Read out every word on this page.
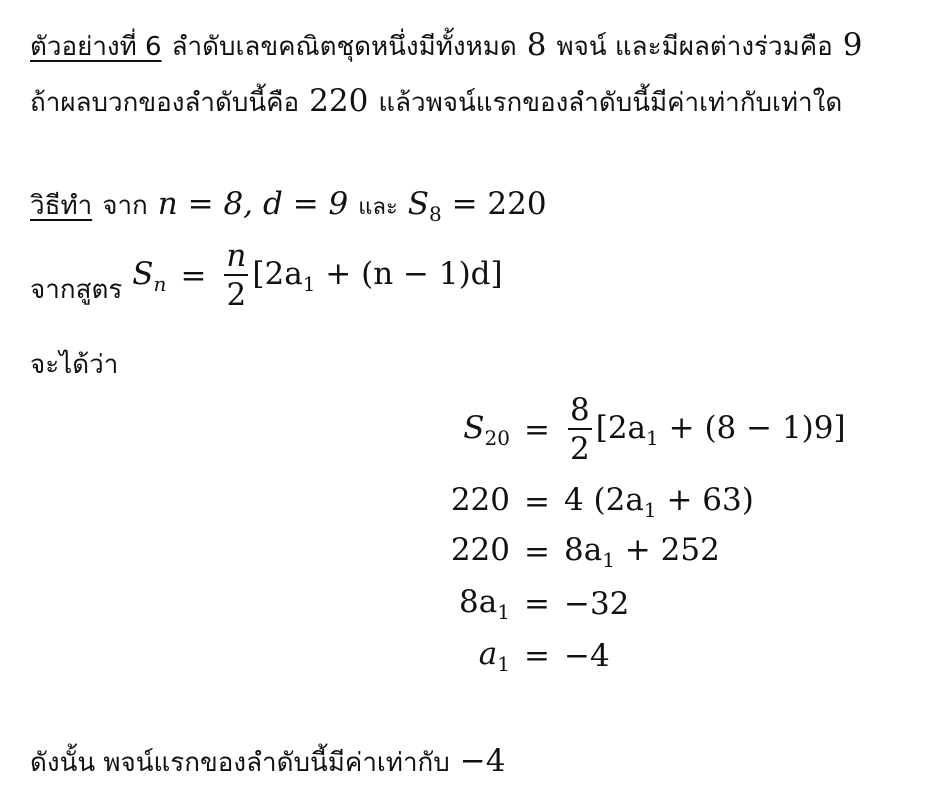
ตัวอย่างที่ 6 ลำดับเลขคณิตชุดหนึ่งมีทั้งหมด 8 พจน์ และมีผลต่างร่วมคือ 9
ถ้าผลบวกของลำดับนี้คือ 220 แล้วพจน์แรกของลำดับนี้มีค่าเท่ากับเท่าใด
วิธีทำ จาก n = 8, d = 9 และ $S_8 = 220$
จากสูตร $S_n = \frac{n}{2} [2a_1 + (n - 1)d]$
จะได้ว่า
$S_{20} = \frac{8}{2} [2a_1 + (8 - 1)9]$
220 = 4 $(2a_1 + 63)$
$220 = 8a_1 + 252$
$8a_1 = -32$
$a_1 = -4$
ดังนั้น พจน์แรกของลำดับนี้มีค่าเท่ากับ −4
